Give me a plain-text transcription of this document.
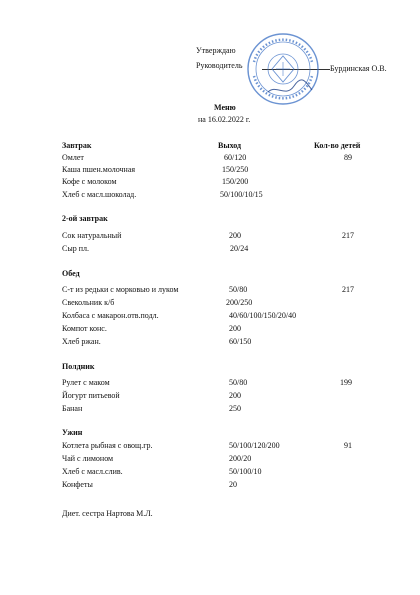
Утверждаю
Руководитель	Бурдинская О.В.
Меню
на 16.02.2022 г.
Завтрак	Выход	Кол-во детей
Омлет	60/120	89
Каша пшен.молочная	150/250
Кофе с молоком	150/200
Хлеб с масл.шоколад.	50/100/10/15
2-ой завтрак
Сок натуральный	200	217
Сыр пл.	20/24
Обед
С-т из редьки с морковью и луком	50/80	217
Свекольник к/б	200/250
Колбаса с макарон.отв.подл.	40/60/100/150/20/40
Компот конс.	200
Хлеб ржан.	60/150
Полдник
Рулет с маком	50/80	199
Йогурт питьевой	200
Банан	250
Ужин
Котлета рыбная с овощ.гр.	50/100/120/200	91
Чай с лимоном	200/20
Хлеб с масл.слив.	50/100/10
Конфеты	20
Диет. сестра Нартова М.Л.
